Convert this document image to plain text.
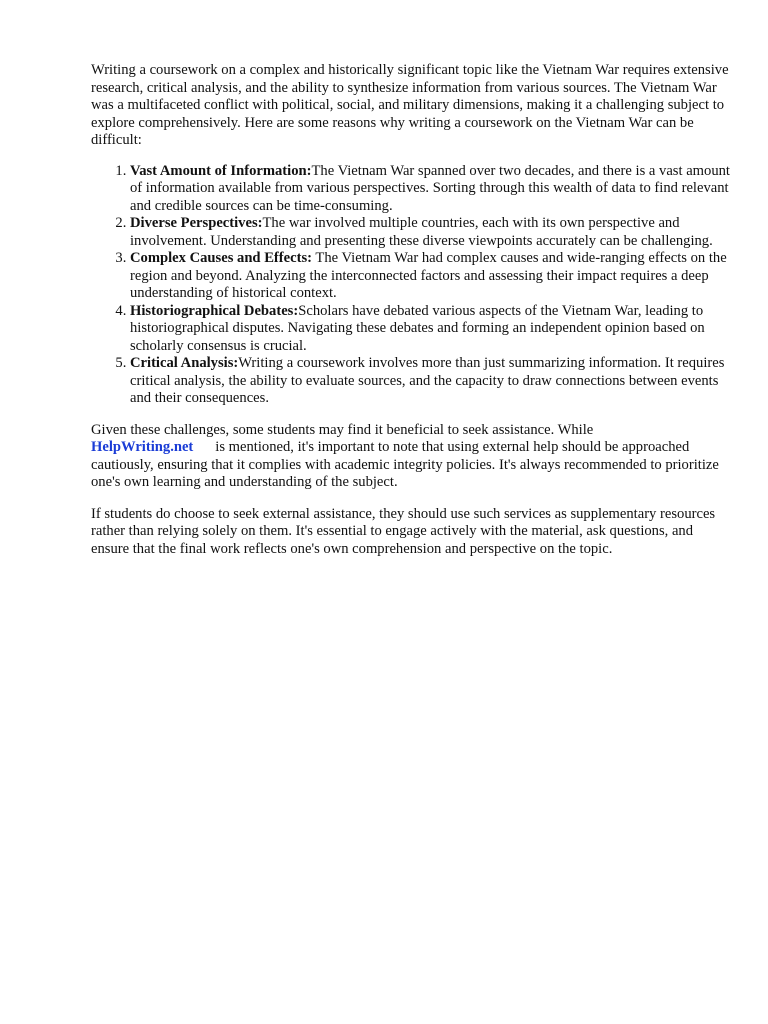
Writing a coursework on a complex and historically significant topic like the Vietnam War requires extensive research, critical analysis, and the ability to synthesize information from various sources. The Vietnam War was a multifaceted conflict with political, social, and military dimensions, making it a challenging subject to explore comprehensively. Here are some reasons why writing a coursework on the Vietnam War can be difficult:

1. Vast Amount of Information:The Vietnam War spanned over two decades, and there is a vast amount of information available from various perspectives. Sorting through this wealth of data to find relevant and credible sources can be time-consuming.
2. Diverse Perspectives:The war involved multiple countries, each with its own perspective and involvement. Understanding and presenting these diverse viewpoints accurately can be challenging.
3. Complex Causes and Effects: The Vietnam War had complex causes and wide-ranging effects on the region and beyond. Analyzing the interconnected factors and assessing their impact requires a deep understanding of historical context.
4. Historiographical Debates:Scholars have debated various aspects of the Vietnam War, leading to historiographical disputes. Navigating these debates and forming an independent opinion based on scholarly consensus is crucial.
5. Critical Analysis:Writing a coursework involves more than just summarizing information. It requires critical analysis, the ability to evaluate sources, and the capacity to draw connections between events and their consequences.

Given these challenges, some students may find it beneficial to seek assistance. While
HelpWriting.net is mentioned, it's important to note that using external help should be approached cautiously, ensuring that it complies with academic integrity policies. It's always recommended to prioritize one's own learning and understanding of the subject.

If students do choose to seek external assistance, they should use such services as supplementary resources rather than relying solely on them. It's essential to engage actively with the material, ask questions, and ensure that the final work reflects one's own comprehension and perspective on the topic.
